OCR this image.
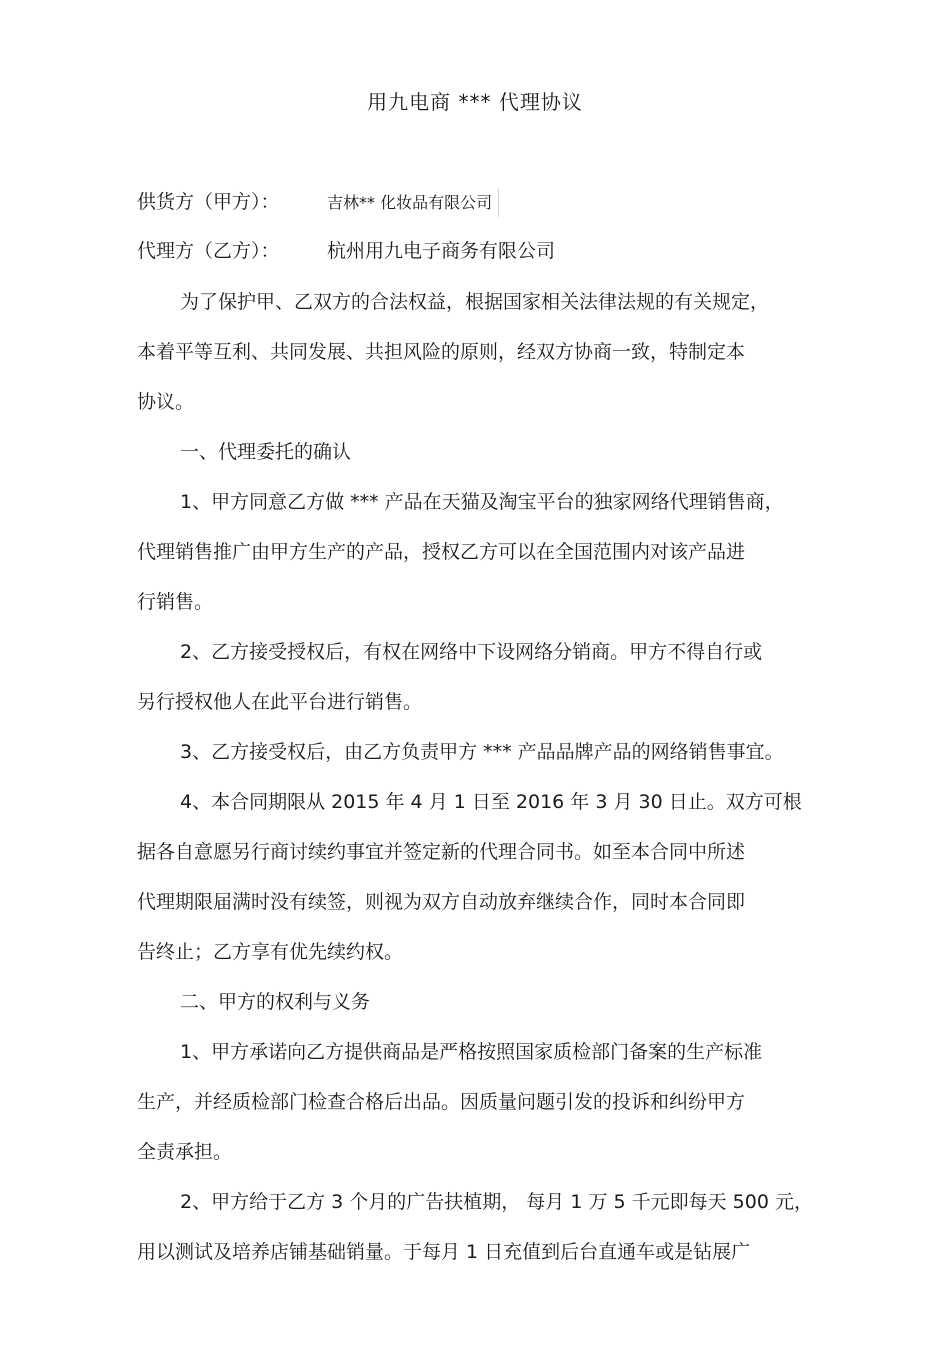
用九电商 *** 代理协议
供货方（甲方）：	吉林** 化妆品有限公司
代理方（乙方）： 杭州用九电子商务有限公司
为了保护甲、乙双方的合法权益，根据国家相关法律法规的有关规定，
本着平等互利、共同发展、共担风险的原则，经双方协商一致，特制定本
协议。
一、代理委托的确认
1、甲方同意乙方做 *** 产品在天猫及淘宝平台的独家网络代理销售商，
代理销售推广由甲方生产的产品，授权乙方可以在全国范围内对该产品进
行销售。
2、乙方接受授权后，有权在网络中下设网络分销商。甲方不得自行或
另行授权他人在此平台进行销售。
3、乙方接受权后，由乙方负责甲方 *** 产品品牌产品的网络销售事宜。
4、本合同期限从 2015 年 4 月 1 日至 2016 年 3 月 30 日止。双方可根
据各自意愿另行商讨续约事宜并签定新的代理合同书。如至本合同中所述
代理期限届满时没有续签，则视为双方自动放弃继续合作，同时本合同即
告终止；乙方享有优先续约权。
二、甲方的权利与义务
1、甲方承诺向乙方提供商品是严格按照国家质检部门备案的生产标准
生产，并经质检部门检查合格后出品。因质量问题引发的投诉和纠纷甲方
全责承担。
2、甲方给于乙方 3 个月的广告扶植期， 每月 1 万 5 千元即每天 500 元，
用以测试及培养店铺基础销量。于每月 1 日充值到后台直通车或是钻展广
